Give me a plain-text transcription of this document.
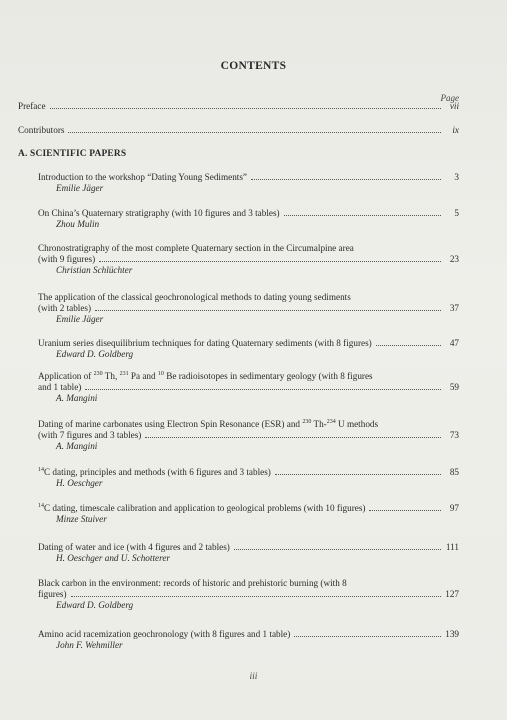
CONTENTS
Page
Preface	vii
Contributors	ix
A. SCIENTIFIC PAPERS
Introduction to the workshop “Dating Young Sediments”	3
Emilie Jäger
On China’s Quaternary stratigraphy (with 10 figures and 3 tables)	5
Zhou Mulin
Chronostratigraphy of the most complete Quaternary section in the Circumalpine area
(with 9 figures)	23
Christian Schlüchter
The application of the classical geochronological methods to dating young sediments
(with 2 tables)	37
Emilie Jäger
Uranium series disequilibrium techniques for dating Quaternary sediments (with 8 figures)	47
Edward D. Goldberg
Application of $^{230}$ Th, $^{231}$ Pa and $^{10}$ Be radioisotopes in sedimentary geology (with 8 figures
and 1 table)	59
A. Mangini
Dating of marine carbonates using Electron Spin Resonance (ESR) and $^{230}$ Th-$^{234}$ U methods
(with 7 figures and 3 tables)	73
A. Mangini
$^{14}$C dating, principles and methods (with 6 figures and 3 tables)	85
H. Oeschger
$^{14}$C dating, timescale calibration and application to geological problems (with 10 figures)	97
Minze Stuiver
Dating of water and ice (with 4 figures and 2 tables)	111
H. Oeschger and U. Schotterer
Black carbon in the environment: records of historic and prehistoric burning (with 8
figures)	127
Edward D. Goldberg
Amino acid racemization geochronology (with 8 figures and 1 table)	139
John F. Wehmiller
iii
